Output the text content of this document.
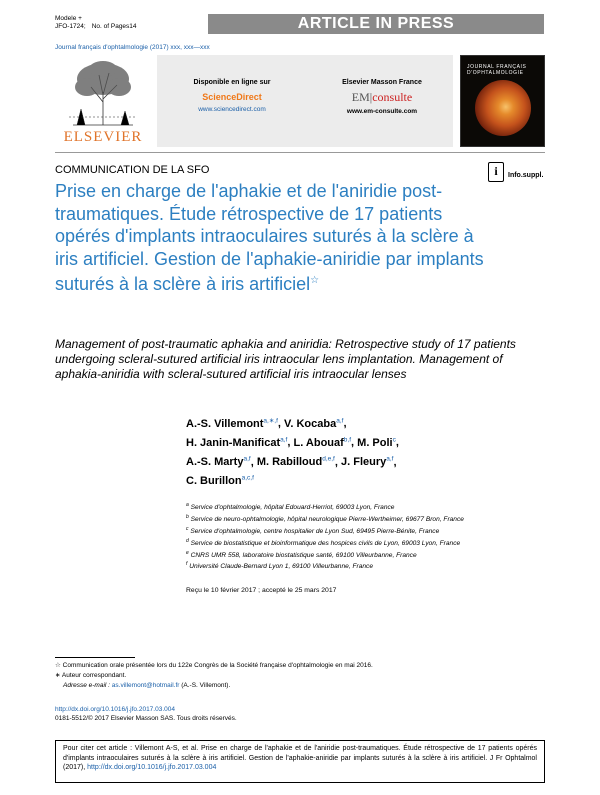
Modele +
JFO-1724; No. of Pages14	ARTICLE IN PRESS
Journal français d'ophtalmologie (2017) xxx, xxx—xxx
ELSEVIER
Disponible en ligne sur
ScienceDirect
www.sciencedirect.com
Elsevier Masson France
EM|consulte
www.em-consulte.com
JOURNAL FRANÇAIS D'OPHTALMOLOGIE
COMMUNICATION DE LA SFO	i	Info.suppl.
Prise en charge de l'aphakie et de l'aniridie post-traumatiques. Étude rétrospective de 17 patients opérés d'implants intraoculaires suturés à la sclère à iris artificiel. Gestion de l'aphakie-aniridie par implants suturés à la sclère à iris artificiel☆
Management of post-traumatic aphakia and aniridia: Retrospective study of 17 patients undergoing scleral-sutured artificial iris intraocular lens implantation. Management of aphakia-aniridia with scleral-sutured artificial iris intraocular lenses
A.-S. Villemont$^{a,∗,f}$, V. Kocaba$^{a,f}$,
H. Janin-Manificat$^{a,f}$, L. Abouaf$^{b,f}$, M. Poli$^c$,
A.-S. Marty$^{a,f}$, M. Rabilloud$^{d,e,f}$, J. Fleury$^{a,f}$,
C. Burillon$^{a,c,f}$
$^a$ Service d'ophtalmologie, hôpital Edouard-Herriot, 69003 Lyon, France
$^b$ Service de neuro-ophtalmologie, hôpital neurologique Pierre-Wertheimer, 69677 Bron, France
$^c$ Service d'ophtalmologie, centre hospitalier de Lyon Sud, 69495 Pierre-Bénite, France
$^d$ Service de biostatistique et bioinformatique des hospices civils de Lyon, 69003 Lyon, France
$^e$ CNRS UMR 558, laboratoire biostatistique santé, 69100 Villeurbanne, France
$^f$ Université Claude-Bernard Lyon 1, 69100 Villeurbanne, France
Reçu le 10 février 2017 ; accepté le 25 mars 2017
☆ Communication orale présentée lors du 122e Congrès de la Société française d'ophtalmologie en mai 2016.
∗ Auteur correspondant.
Adresse e-mail : as.villemont@hotmail.fr (A.-S. Villemont).
http://dx.doi.org/10.1016/j.jfo.2017.03.004
0181-5512/© 2017 Elsevier Masson SAS. Tous droits réservés.
Pour citer cet article : Villemont A-S, et al. Prise en charge de l'aphakie et de l'aniridie post-traumatiques. Étude rétrospective de 17 patients opérés d'implants intraoculaires suturés à la sclère à iris artificiel. Gestion de l'aphakie-aniridie par implants suturés à la sclère à iris artificiel. J Fr Ophtalmol (2017), http://dx.doi.org/10.1016/j.jfo.2017.03.004
